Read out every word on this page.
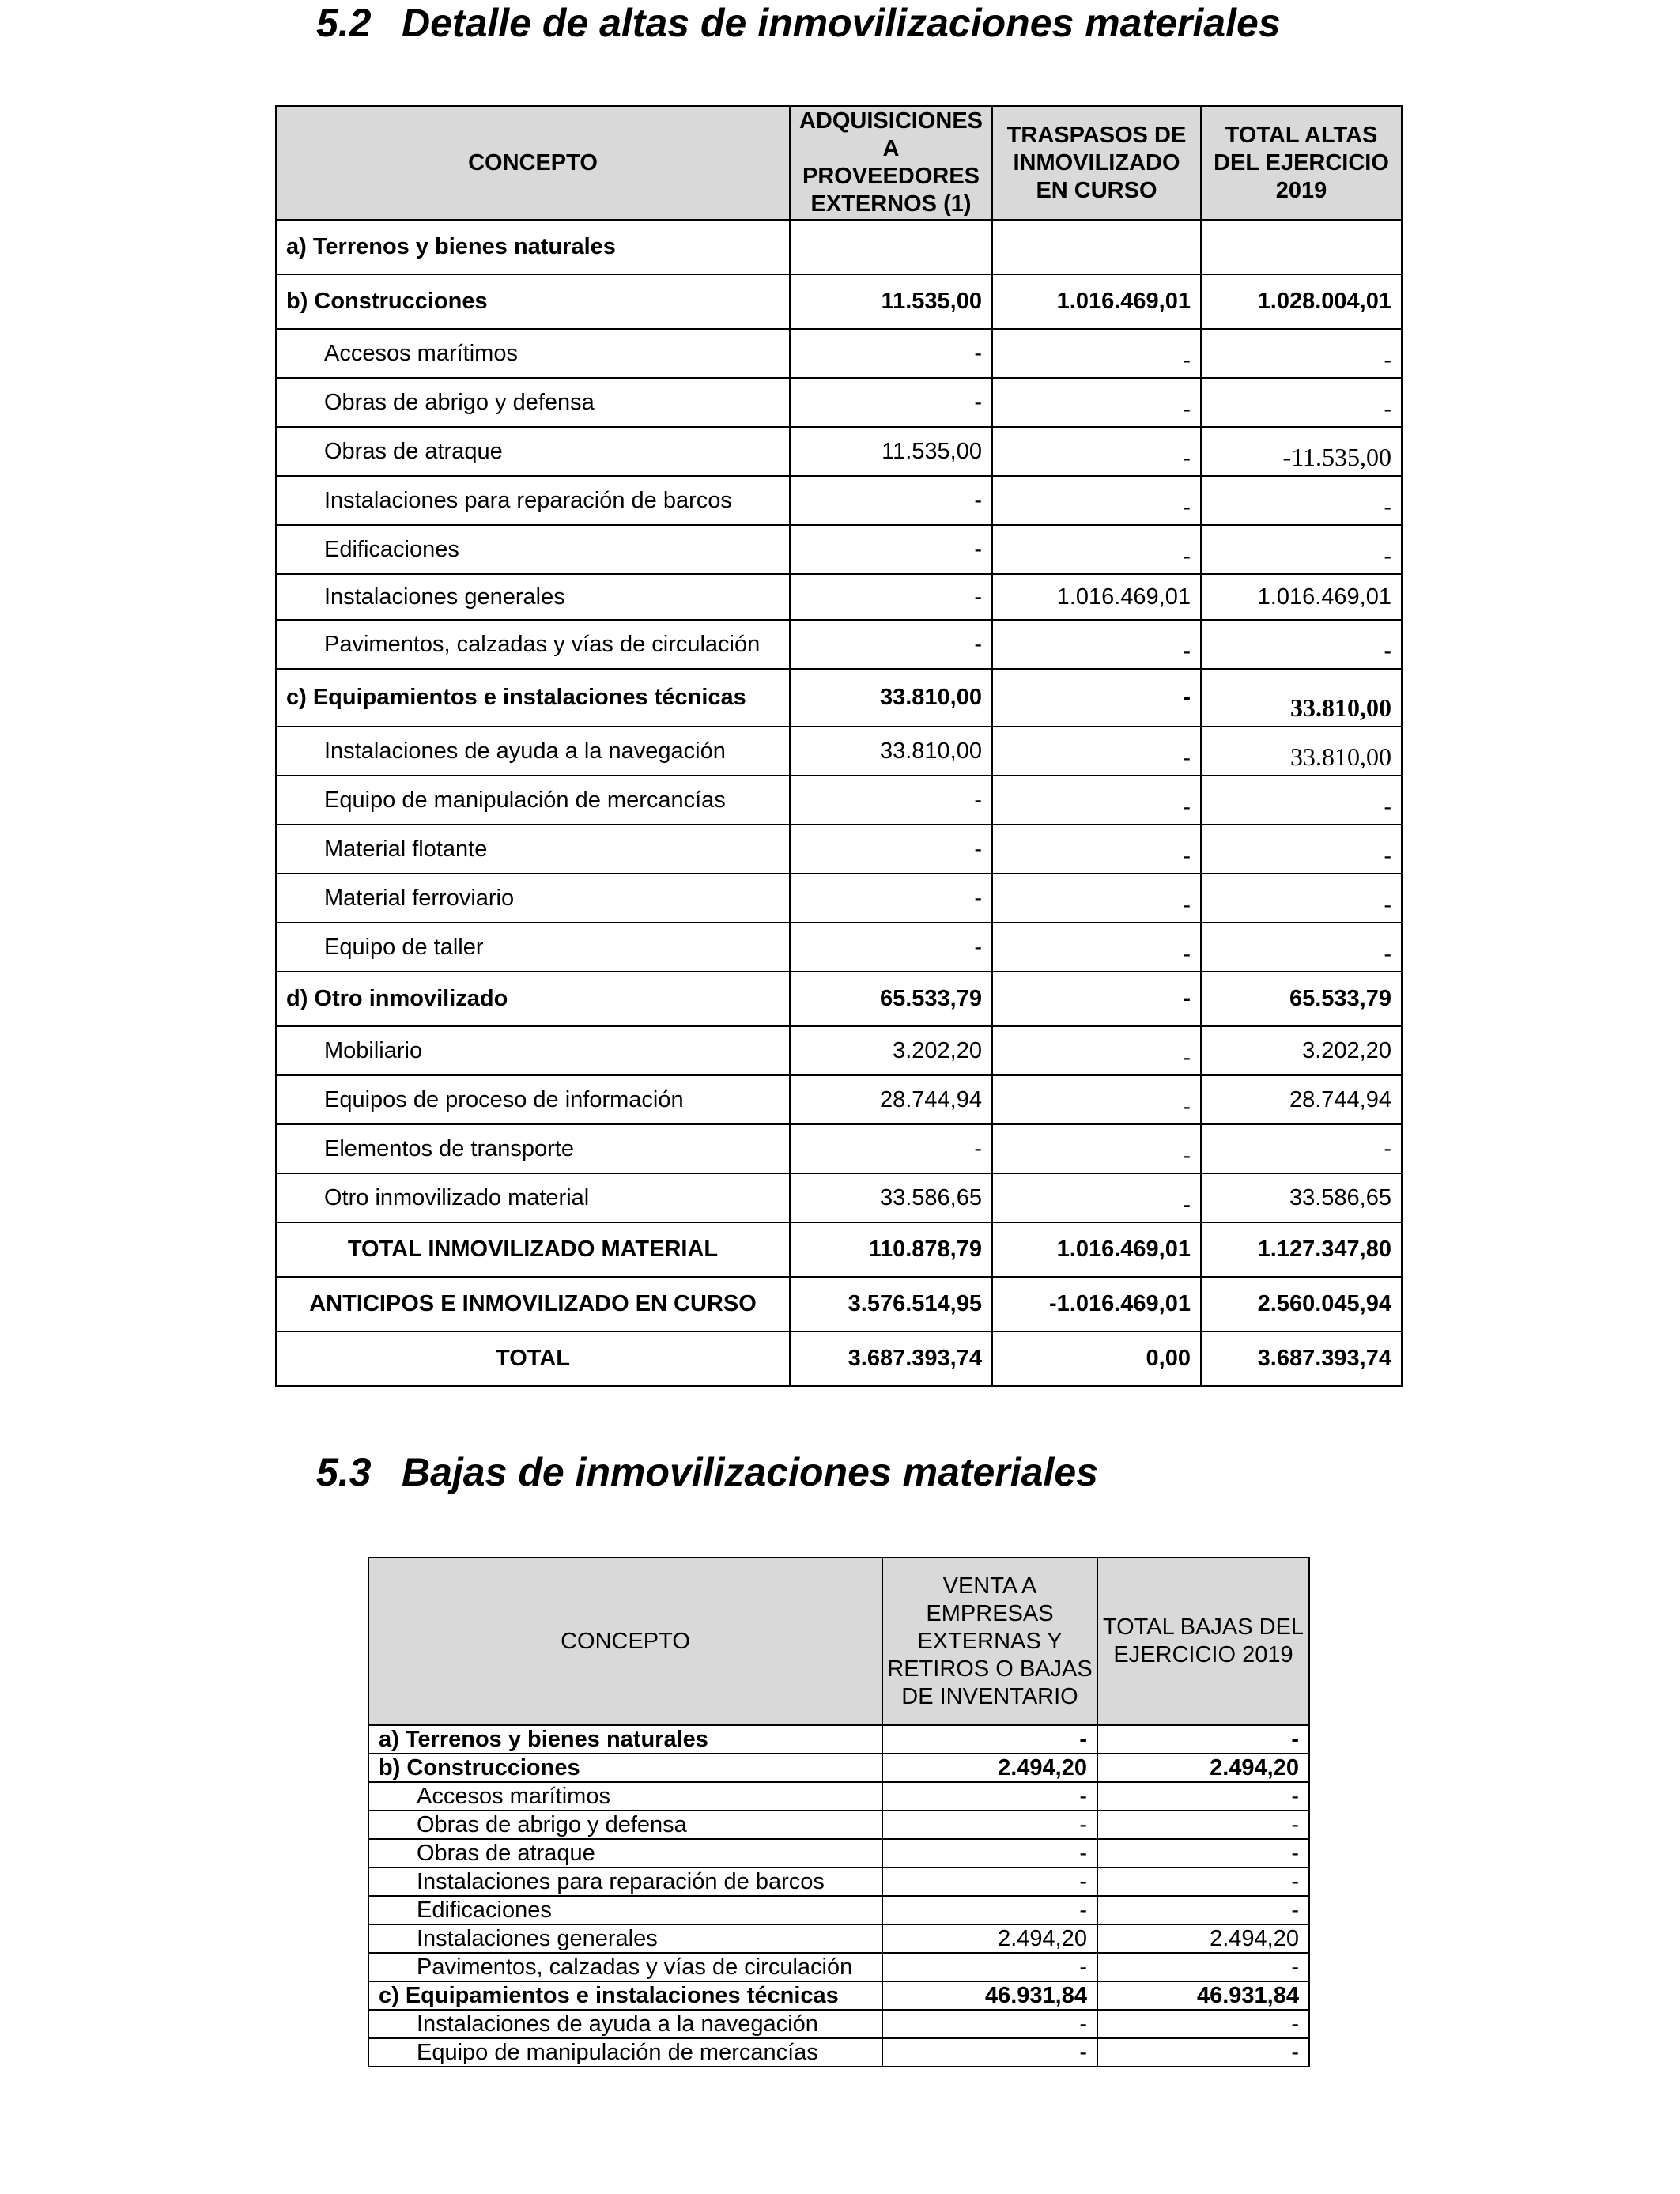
5.2 Detalle de altas de inmovilizaciones materiales
CONCEPTO	ADQUISICIONES A PROVEEDORES EXTERNOS (1)	TRASPASOS DE INMOVILIZADO EN CURSO	TOTAL ALTAS DEL EJERCICIO 2019
a) Terrenos y bienes naturales			
b) Construcciones	11.535,00	1.016.469,01	1.028.004,01
Accesos marítimos	-	-	-
Obras de abrigo y defensa	-	-	-
Obras de atraque	11.535,00	-	-11.535,00
Instalaciones para reparación de barcos	-	-	-
Edificaciones	-	-	-
Instalaciones generales	-	1.016.469,01	1.016.469,01
Pavimentos, calzadas y vías de circulación	-	-	-
c) Equipamientos e instalaciones técnicas	33.810,00	-	33.810,00
Instalaciones de ayuda a la navegación	33.810,00	-	33.810,00
Equipo de manipulación de mercancías	-	-	-
Material flotante	-	-	-
Material ferroviario	-	-	-
Equipo de taller	-	-	-
d) Otro inmovilizado	65.533,79	-	65.533,79
Mobiliario	3.202,20	-	3.202,20
Equipos de proceso de información	28.744,94	-	28.744,94
Elementos de transporte	-	-	-
Otro inmovilizado material	33.586,65	-	33.586,65
TOTAL INMOVILIZADO MATERIAL	110.878,79	1.016.469,01	1.127.347,80
ANTICIPOS E INMOVILIZADO EN CURSO	3.576.514,95	-1.016.469,01	2.560.045,94
TOTAL	3.687.393,74	0,00	3.687.393,74
5.3 Bajas de inmovilizaciones materiales
CONCEPTO	VENTA A EMPRESAS EXTERNAS Y RETIROS O BAJAS DE INVENTARIO	TOTAL BAJAS DEL EJERCICIO 2019
a) Terrenos y bienes naturales	-	-
b) Construcciones	2.494,20	2.494,20
Accesos marítimos	-	-
Obras de abrigo y defensa	-	-
Obras de atraque	-	-
Instalaciones para reparación de barcos	-	-
Edificaciones	-	-
Instalaciones generales	2.494,20	2.494,20
Pavimentos, calzadas y vías de circulación	-	-
c) Equipamientos e instalaciones técnicas	46.931,84	46.931,84
Instalaciones de ayuda a la navegación	-	-
Equipo de manipulación de mercancías	-	-
